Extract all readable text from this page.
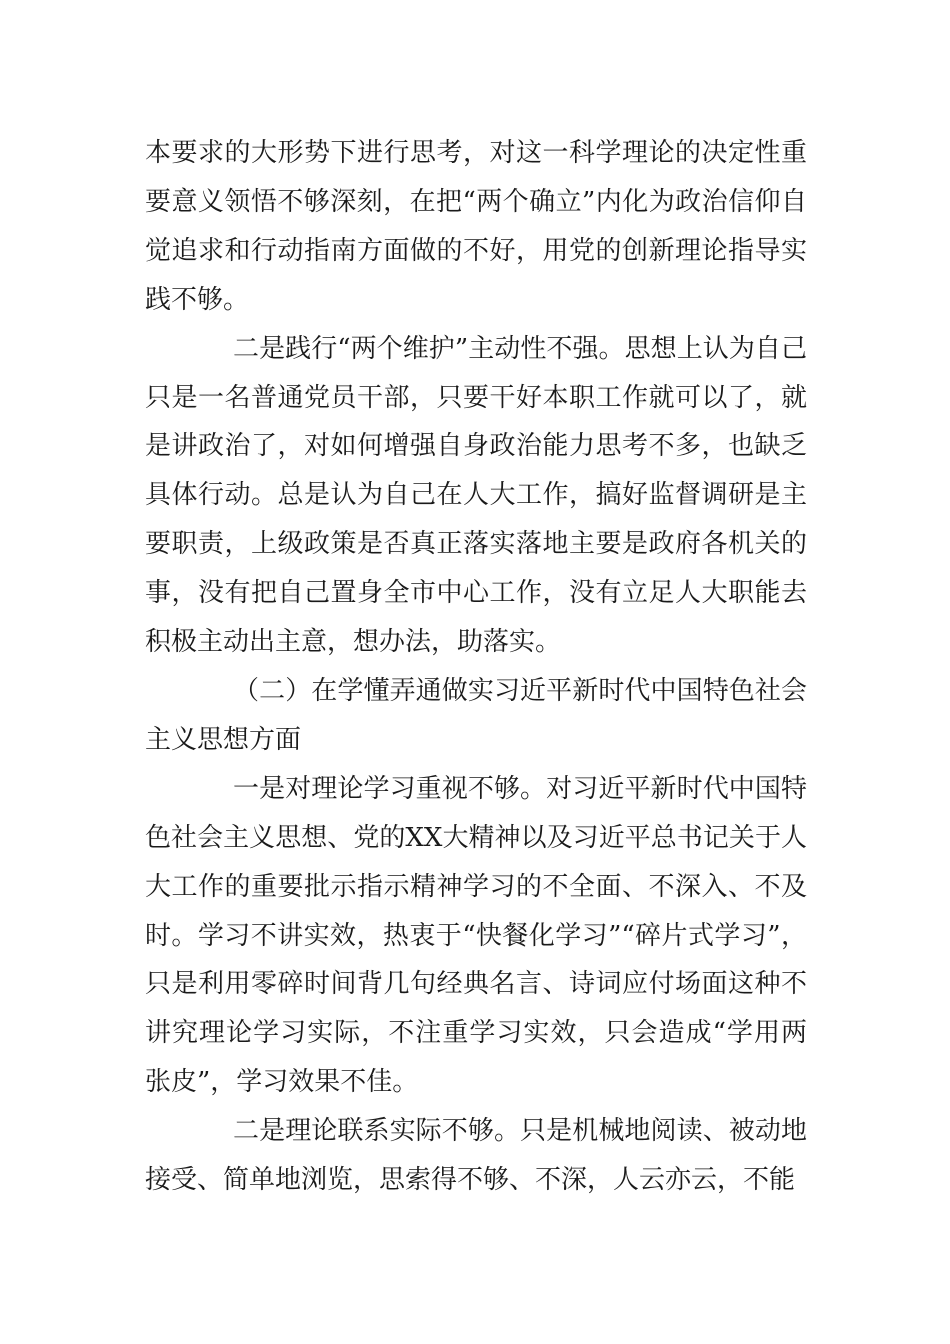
本要求的大形势下进行思考，对这一科学理论的决定性重要意义领悟不够深刻，在把“两个确立”内化为政治信仰自觉追求和行动指南方面做的不好，用党的创新理论指导实践不够。

二是践行“两个维护”主动性不强。思想上认为自己只是一名普通党员干部，只要干好本职工作就可以了，就是讲政治了，对如何增强自身政治能力思考不多，也缺乏具体行动。总是认为自己在人大工作，搞好监督调研是主要职责，上级政策是否真正落实落地主要是政府各机关的事，没有把自己置身全市中心工作，没有立足人大职能去积极主动出主意，想办法，助落实。

（二）在学懂弄通做实习近平新时代中国特色社会主义思想方面

一是对理论学习重视不够。对习近平新时代中国特色社会主义思想、党的XX大精神以及习近平总书记关于人大工作的重要批示指示精神学习的不全面、不深入、不及时。学习不讲实效，热衷于“快餐化学习”“碎片式学习”，只是利用零碎时间背几句经典名言、诗词应付场面这种不讲究理论学习实际，不注重学习实效，只会造成“学用两张皮”，学习效果不佳。

二是理论联系实际不够。只是机械地阅读、被动地接受、简单地浏览，思索得不够、不深，人云亦云，不能
